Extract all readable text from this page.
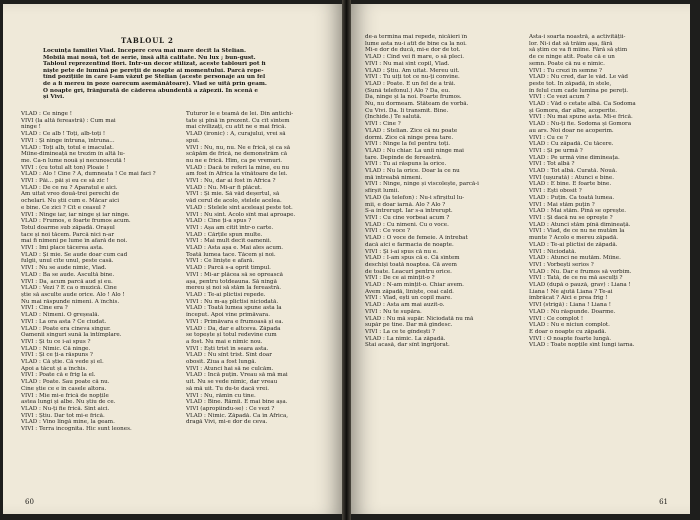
TABLOUL 2
Locuința familiei Vlad. Începere ceva mai mare decît la Stelian.
Mobilă mai nouă, tot de serie, însă altă calitate. Nu lux ; bun-gust.
Tabloul reprezentînd flori. Într-un decor stilizat, aceste tablouri pot fi
niște pete de lumină pe pereții de noapte ai momentului. Parcă repe-
tînd pozițiile în care l-am văzut pe Stelian (aceste personaje au un fel
de a fi mereu în poze oarecum asemănătoare). Vlad se uită prin geam.
O noapte gri, frănjurată de căderea abundentă a zăpezii. În scenă e
și Vivi.
VLAD : Ce ninge !
VIVI (la altă fereastră) : Cum mai
ninge !
VLAD : Ce alb ! Toți, alb-toți !
VIVI : Și ninge întruna, întruna...
VLAD : Toți alb, totul e imaculat.
Mîine-dimineață ne trezim în altă lu-
me. Ca-n lume nouă și necunoscută !
VIVI : (cu totul alt ton) Ploaie !
VLAD : Alo ! Cine ? A, dumneata ! Ce mai faci ?
VIVI : Păi... păi și eu ce să zic !
VLAD : De ce nu ? Aparatul e aici.
Am uitat vreo două-trei perechi de
ochelari. Nu știi cum e. Măcar aici
e bine. Ce zici ? Cît e ceasul ?
VIVI : Ninge iar, iar ninge și iar ninge.
VLAD : Frumos, e foarte frumos acum.
Totul doarme sub zăpadă. Orașul
tace și noi tăcem. Parcă nici n-ar
mai fi nimeni pe lume în afară de noi.
VIVI : Îmi place tăcerea asta.
VLAD : Și mie. Se aude doar cum cad
fulgii, unul cîte unul, peste casă.
VIVI : Nu se aude nimic, Vlad.
VLAD : Ba se aude. Ascultă bine.
VIVI : Da, acum parcă aud și eu.
VLAD : Vezi ? E ca o muzică. Cine
știe să asculte aude orice. Alo ! Alo !
Nu mai răspunde nimeni. A închis.
VIVI : Cine era ?
VLAD : Nimeni. O greșeală.
VIVI : La ora asta ? Ce ciudat.
VLAD : Poate era cineva singur.
Oamenii singuri sună la întîmplare.
VIVI : Și tu ce i-ai spus ?
VLAD : Nimic. Că ninge.
VIVI : Și ce ți-a răspuns ?
VLAD : Că știe. Că vede și el.
Apoi a tăcut și a închis.
VIVI : Poate că e frig la el.
VLAD : Poate. Sau poate că nu.
Cine știe ce e în casele altora.
VIVI : Mie mi-e frică de nopțile
astea lungi și albe. Nu știu de ce.
VLAD : Nu-ți fie frică. Sînt aici.
VIVI : Știu. Dar tot mi-e frică.
VLAD : Vino lîngă mine, la geam.
VIVI : Terra incognita. Hic sunt leones.
Tuturor le e teamă de lei. Din antichi-
tate și pînă în prezent. Cu cît sîntem
mai civilizați, cu atît ne e mai frică.
VLAD (ironic) : A, curajului, vrei să
spui.
VIVI : Nu, nu, nu. Ne e frică, și ca să
scăpăm de frică, ne demonstrăm că
nu ne e frică. Hîm, ca pe vremuri.
VLAD : Dacă te referi la mine, eu nu
am fost în Africa la vînătoare de lei.
VIVI : Nu, dar ai fost în Africa ?
VLAD : Nu. Mi-ar fi plăcut.
VIVI : Și mie. Să văd deșertul, să
văd cerul de acolo, stelele acelea.
VLAD : Stelele sînt aceleași peste tot.
VIVI : Nu sînt. Acolo sînt mai aproape.
VLAD : Cine ți-a spus ?
VIVI : Așa am citit într-o carte.
VLAD : Cărțile spun multe.
VIVI : Mai mult decît oamenii.
VLAD : Asta așa e. Mai ales acum.
Toată lumea tace. Tăcem și noi.
VIVI : Ce liniște e afară.
VLAD : Parcă s-a oprit timpul.
VIVI : Mi-ar plăcea să se oprească
așa, pentru totdeauna. Să ningă
mereu și noi să stăm la fereastră.
VLAD : Te-ai plictisi repede.
VIVI : Nu m-aș plictisi niciodată.
VLAD : Toată lumea spune asta la
început. Apoi vine primăvara.
VIVI : Primăvara e frumoasă și ea.
VLAD : Da, dar e altceva. Zăpada
se topește și totul redevine cum
a fost. Nu mai e nimic nou.
VIVI : Ești trist în seara asta.
VLAD : Nu sînt trist. Sînt doar
obosit. Ziua a fost lungă.
VIVI : Atunci hai să ne culcăm.
VLAD : Încă puțin. Vreau să mă mai
uit. Nu se vede nimic, dar vreau
să mă uit. Tu du-te dacă vrei.
VIVI : Nu, rămîn cu tine.
VLAD : Bine. Rămîi. E mai bine așa.
VIVI (apropiindu-se) : Ce vezi ?
VLAD : Nimic. Zăpadă. Ca în Africa,
dragă Vivi, mi-e dor de ceva.
60
de-a termina mai repede, nicăieri în
lume asta nu-i atît de bine ca la noi.
Mi-e dor de ducă, mi-e dor de tot.
VLAD : Cînd vei fi mare, o să pleci.
VIVI : Nu mai sînt copil, Vlad.
VLAD : Știu. Am uitat. Mereu uit.
VIVI : Tu uiți tot ce nu-ți convine.
VLAD : Poate. E un fel de a trăi.
(Sună telefonul.) Alo ? Da, eu.
Da, ninge și la noi. Foarte frumos.
Nu, nu dormeam. Stăteam de vorbă.
Cu Vivi. Da. Îi transmit. Bine.
(Închide.) Te salută.
VIVI : Cine ?
VLAD : Stelian. Zice că nu poate
dormi. Zice că ninge prea tare.
VIVI : Ninge la fel pentru toți.
VLAD : Nu chiar. La unii ninge mai
tare. Depinde de fereastră.
VIVI : Tu ai răspuns la orice.
VLAD : Nu la orice. Doar la ce nu
mă întreabă nimeni.
VIVI : Ninge, ninge și viscolește, parcă-i
sfîrșit lumii.
VLAD (la telefon) : Nu-i sfîrșitul lu-
mii, e doar iarnă. Alo ? Alo ?
S-a întrerupt. Iar s-a întrerupt.
VIVI : Cu cine vorbeai acum ?
VLAD : Cu nimeni. Cu o voce.
VIVI : Ce voce ?
VLAD : O voce de femeie. A întrebat
dacă aici e farmacia de noapte.
VIVI : Și i-ai spus că nu e.
VLAD : I-am spus că e. Că sîntem
deschiși toată noaptea. Că avem
de toate. Leacuri pentru orice.
VIVI : De ce ai mințit-o ?
VLAD : N-am mințit-o. Chiar avem.
Avem zăpadă, liniște, ceai cald.
VIVI : Vlad, ești un copil mare.
VLAD : Asta am mai auzit-o.
VIVI : Nu te supăra.
VLAD : Nu mă supăr. Niciodată nu mă
supăr pe tine. Dar mă gîndesc.
VIVI : La ce te gîndești ?
VLAD : La nimic. La zăpadă.
Stai acasă, dar sînt îngrijorat.
Asta-i soarta noastră, a activității-
lor. Ni-i dat să trăim așa, fără
să știm ce va fi mîine. Fără să știm
de ce ninge atît. Poate că e un
semn. Poate că nu e nimic.
VIVI : Tu crezi în semne ?
VLAD : Nu cred, dar le văd. Le văd
peste tot. În zăpadă, în stele,
în felul cum cade lumina pe pereți.
VIVI : Ce vezi acum ?
VLAD : Văd o cetate albă. Ca Sodoma
și Gomora, dar albe, acoperite.
VIVI : Nu mai spune asta. Mi-e frică.
VLAD : Nu-ți fie. Sodoma și Gomora
au ars. Noi doar ne acoperim.
VIVI : Cu ce ?
VLAD : Cu zăpadă. Cu tăcere.
VIVI : Și pe urmă ?
VLAD : Pe urmă vine dimineața.
VIVI : Tot albă ?
VLAD : Tot albă. Curată. Nouă.
VIVI (ușurată) : Atunci e bine.
VLAD : E bine. E foarte bine.
VIVI : Ești obosit ?
VLAD : Puțin. Ca toată lumea.
VIVI : Mai stăm puțin ?
VLAD : Mai stăm. Pînă se oprește.
VIVI : Și dacă nu se oprește ?
VLAD : Atunci stăm pînă dimineață.
VIVI : Vlad, de ce nu ne mutăm la
munte ? Acolo e mereu zăpadă.
VLAD : Te-ai plictisi de zăpadă.
VIVI : Niciodată.
VLAD : Atunci ne mutăm. Mîine.
VIVI : Vorbești serios ?
VLAD : Nu. Dar e frumos să vorbim.
VIVI : Tată, de ce nu mă asculți ?
VLAD (după o pauză, grav) : Liana !
Liana ! Ne ajută Liana ? Te-ai
îmbrăcat ? Aici e prea frig !
VIVI (strigă) : Liana ! Liana !
VLAD : Nu răspunde. Doarme.
VIVI : Ce complot !
VLAD : Nu e niciun complot.
E doar o noapte cu zăpadă.
VIVI : O noapte foarte lungă.
VLAD : Toate nopțile sînt lungi iarna.
61
